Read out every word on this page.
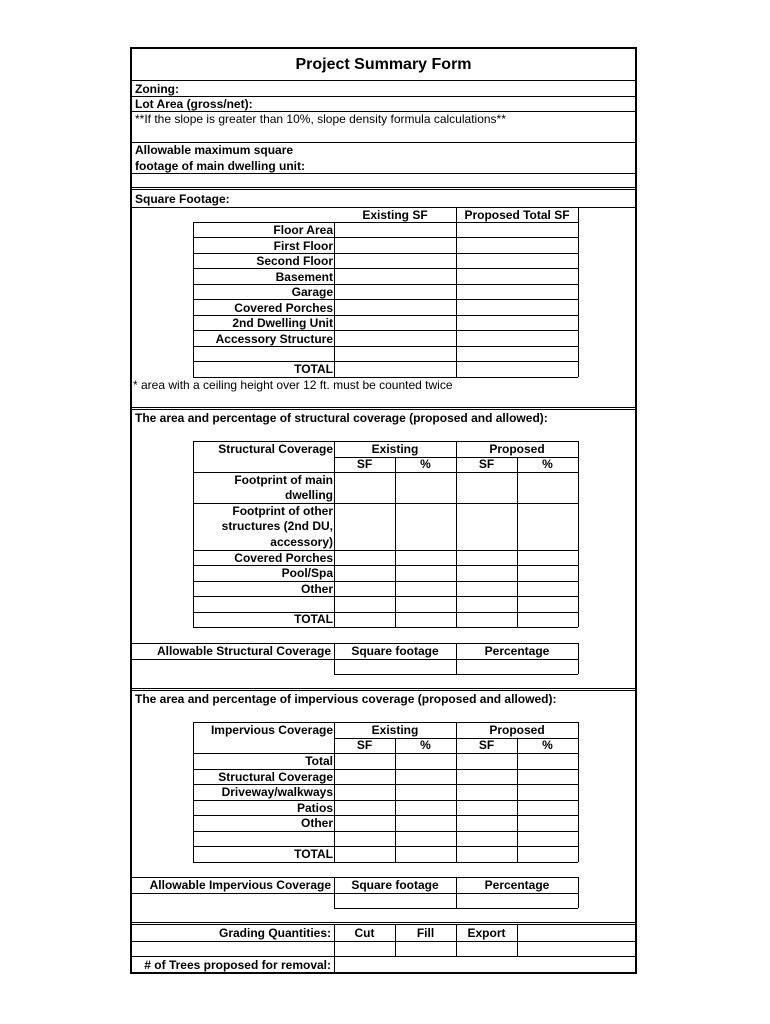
Project Summary Form
Zoning:
Lot Area (gross/net):
**If the slope is greater than 10%, slope density formula calculations**
Allowable maximum square
footage of main dwelling unit:
Square Footage:
Existing SF	Proposed Total SF
Floor Area
First Floor
Second Floor
Basement
Garage
Covered Porches
2nd Dwelling Unit
Accessory Structure
TOTAL
* area with a ceiling height over 12 ft. must be counted twice
The area and percentage of structural coverage (proposed and allowed):
Structural Coverage	Existing	Proposed
SF	%	SF	%
Footprint of main
dwelling
Footprint of other
structures (2nd DU,
accessory)
Covered Porches
Pool/Spa
Other
TOTAL
Allowable Structural Coverage	Square footage	Percentage
The area and percentage of impervious coverage (proposed and allowed):
Impervious Coverage	Existing	Proposed
SF	%	SF	%
Total
Structural Coverage
Driveway/walkways
Patios
Other
TOTAL
Allowable Impervious Coverage	Square footage	Percentage
Grading Quantities:	Cut	Fill	Export
# of Trees proposed for removal:
